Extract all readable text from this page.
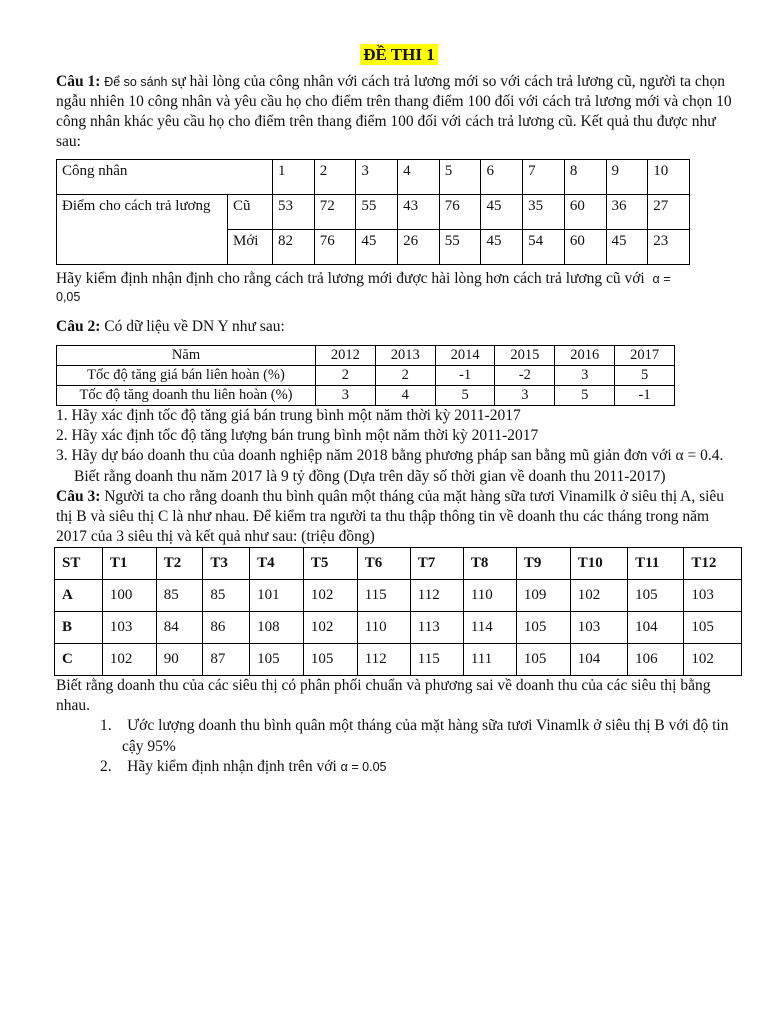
ĐỀ THI 1

Câu 1: Để so sánh sự hài lòng của công nhân với cách trả lương mới so với cách trả lương cũ, người ta chọn ngẫu nhiên 10 công nhân và yêu cầu họ cho điểm trên thang điểm 100 đối với cách trả lương mới và chọn 10 công nhân khác yêu cầu họ cho điểm trên thang điểm 100 đối với cách trả lương cũ. Kết quả thu được như sau:

Công nhân		1	2	3	4	5	6	7	8	9	10
Điểm cho cách trả lương	Cũ	53	72	55	43	76	45	35	60	36	27
	Mới	82	76	45	26	55	45	54	60	45	23

Hãy kiểm định nhận định cho rằng cách trả lương mới được hài lòng hơn cách trả lương cũ với α =

0,05

Câu 2: Có dữ liệu về DN Y như sau:

Năm	2012	2013	2014	2015	2016	2017
Tốc độ tăng giá bán liên hoàn (%)	2	2	-1	-2	3	5
Tốc độ tăng doanh thu liên hoàn (%)	3	4	5	3	5	-1
1. Hãy xác định tốc độ tăng giá bán trung bình một năm thời kỳ 2011-2017
2. Hãy xác định tốc độ tăng lượng bán trung bình một năm thời kỳ 2011-2017
3. Hãy dự báo doanh thu của doanh nghiệp năm 2018 bằng phương pháp san bằng mũ giản đơn với α = 0.4. Biết rằng doanh thu năm 2017 là 9 tỷ đồng (Dựa trên dãy số thời gian về doanh thu 2011-2017)

Câu 3: Người ta cho rằng doanh thu bình quân một tháng của mặt hàng sữa tươi Vinamilk ở siêu thị A, siêu thị B và siêu thị C là như nhau. Để kiểm tra người ta thu thập thông tin về doanh thu các tháng trong năm 2017 của 3 siêu thị và kết quả như sau: (triệu đồng)

ST	T1	T2	T3	T4	T5	T6	T7	T8	T9	T10	T11	T12
A	100	85	85	101	102	115	112	110	109	102	105	103
B	103	84	86	108	102	110	113	114	105	103	104	105
C	102	90	87	105	105	112	115	111	105	104	106	102

Biết rằng doanh thu của các siêu thị có phân phối chuẩn và phương sai về doanh thu của các siêu thị bằng nhau.

1. Ước lượng doanh thu bình quân một tháng của mặt hàng sữa tươi Vinamlk ở siêu thị B với độ tin cậy 95%

2. Hãy kiểm định nhận định trên với α = 0.05
